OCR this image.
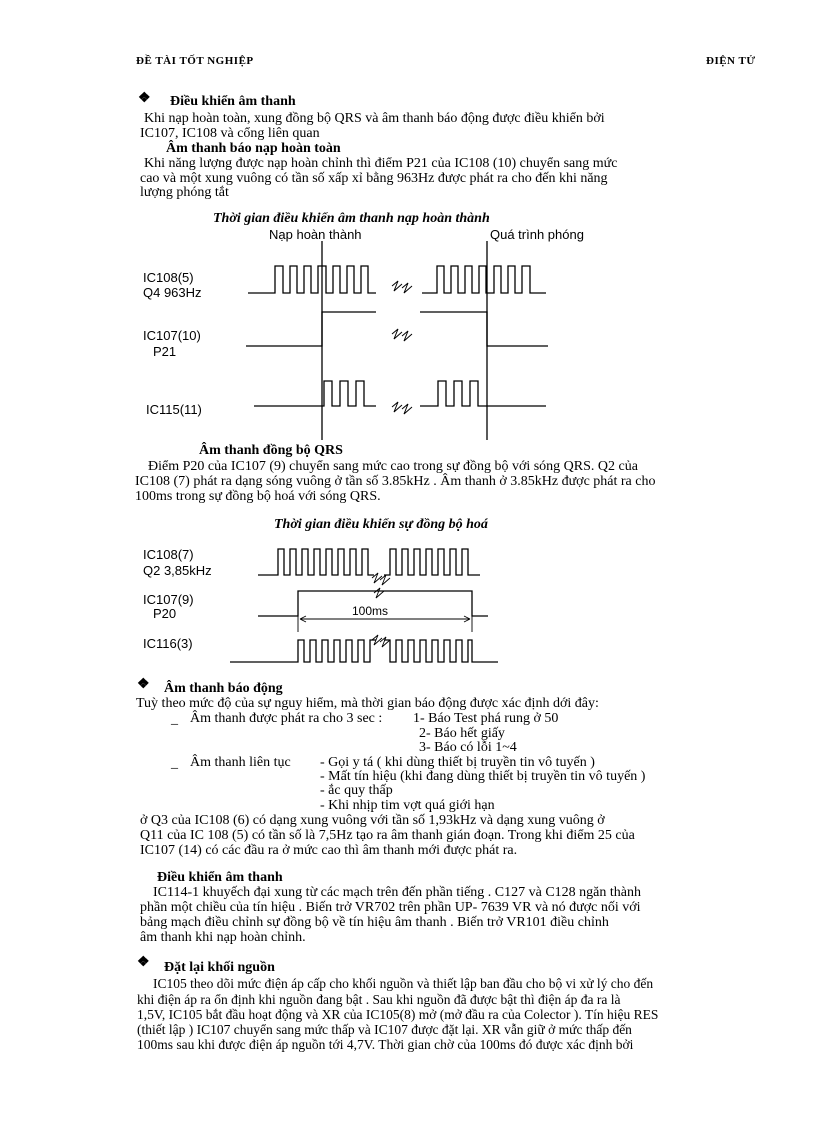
ĐỀ TÀI TỐT NGHIỆP	ĐIỆN TỬ
❖ Điều khiển âm thanh
Khi nạp hoàn toàn, xung đồng bộ QRS và âm thanh báo động được điều khiển bởi
IC107, IC108 và cổng liên quan
Âm thanh báo nạp hoàn toàn
Khi năng lượng được nạp hoàn chỉnh thì điểm P21 của IC108 (10) chuyển sang mức
cao và một xung vuông có tần số xấp xỉ bằng 963Hz được phát ra cho đến khi năng
lượng phóng tắt
Thời gian điều khiển âm thanh nạp hoàn thành
Nạp hoàn thành	Quá trình phóng
IC108(5)
Q4 963Hz
IC107(10)
P21
IC115(11)
Âm thanh đồng bộ QRS
Điểm P20 của IC107 (9) chuyển sang mức cao trong sự đồng bộ với sóng QRS. Q2 của
IC108 (7) phát ra dạng sóng vuông ở tần số 3.85kHz . Âm thanh ở 3.85kHz được phát ra cho
100ms trong sự đồng bộ hoá với sóng QRS.
Thời gian điều khiển sự đồng bộ hoá
IC108(7)
Q2 3,85kHz
IC107(9)
P20
IC116(3)
100ms
❖ Âm thanh báo động
Tuỳ theo mức độ của sự nguy hiểm, mà thời gian báo động được xác định dới đây:
_ Âm thanh được phát ra cho 3 sec : 1- Báo Test phá rung ở 50
2- Báo hết giấy
3- Báo có lỗi 1~4
_ Âm thanh liên tục - Gọi y tá ( khi dùng thiết bị truyền tin vô tuyến )
- Mất tín hiệu (khi đang dùng thiết bị truyền tin vô tuyến )
- ắc quy thấp
- Khi nhịp tim vợt quá giới hạn
ở Q3 của IC108 (6) có dạng xung vuông với tần số 1,93kHz và dạng xung vuông ở
Q11 của IC 108 (5) có tần số là 7,5Hz tạo ra âm thanh gián đoạn. Trong khi điểm 25 của
IC107 (14) có các đầu ra ở mức cao thì âm thanh mới được phát ra.
Điều khiển âm thanh
IC114-1 khuyếch đại xung từ các mạch trên đến phần tiếng . C127 và C128 ngăn thành
phần một chiều của tín hiệu . Biến trở VR702 trên phần UP- 7639 VR và nó được nối với
bảng mạch điều chỉnh sự đồng bộ về tín hiệu âm thanh . Biến trở VR101 điều chỉnh
âm thanh khi nạp hoàn chỉnh.
❖ Đặt lại khối nguồn
IC105 theo dõi mức điện áp cấp cho khối nguồn và thiết lập ban đầu cho bộ vi xử lý cho đến
khi điện áp ra ổn định khi nguồn đang bật . Sau khi nguồn đã được bật thì điện áp đa ra là
1,5V, IC105 bắt đầu hoạt động và XR của IC105(8) mở (mở đầu ra của Colector ). Tín hiệu RES
(thiết lập ) IC107 chuyển sang mức thấp và IC107 được đặt lại. XR vẫn giữ ở mức thấp đến
100ms sau khi được điện áp nguồn tới 4,7V. Thời gian chờ của 100ms đó được xác định bởi
